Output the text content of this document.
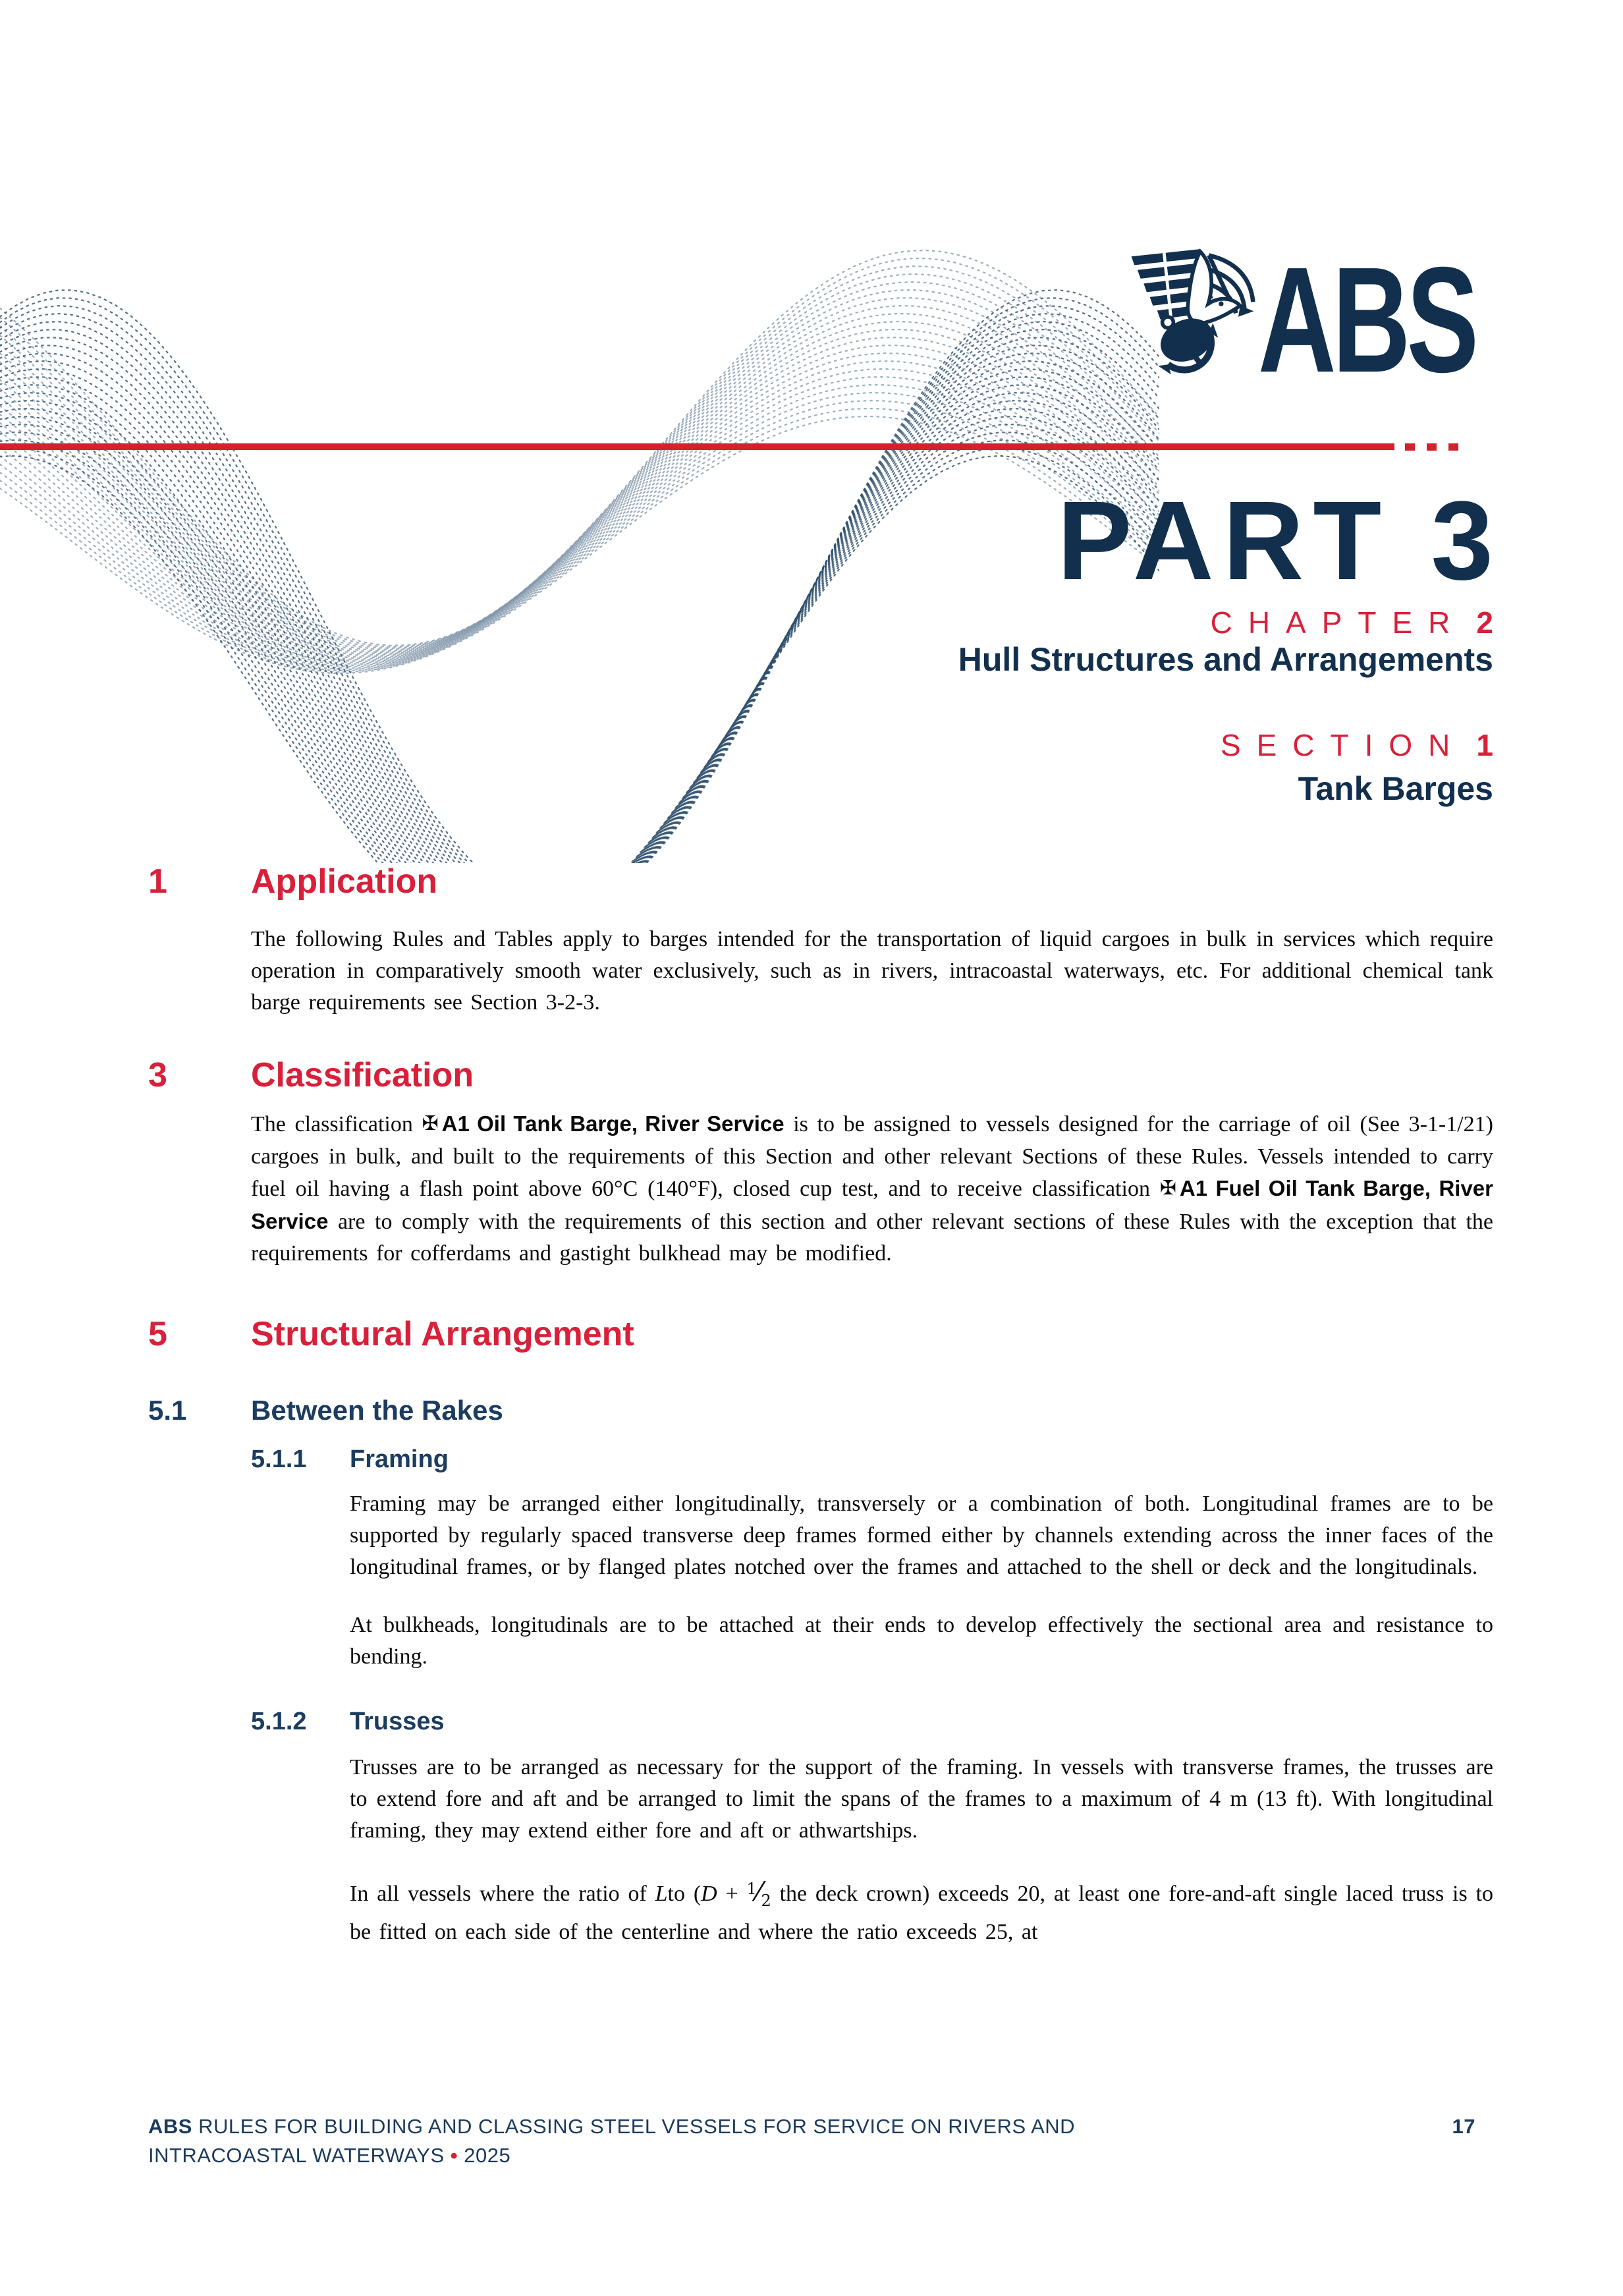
ABS
PART 3
CHAPTER 2
Hull Structures and Arrangements
SECTION 1
Tank Barges
1	Application

The following Rules and Tables apply to barges intended for the transportation of liquid cargoes in bulk in services which require operation in comparatively smooth water exclusively, such as in rivers, intracoastal waterways, etc. For additional chemical tank barge requirements see Section 3-2-3.

3	Classification

The classification ✠ A1 Oil Tank Barge, River Service is to be assigned to vessels designed for the carriage of oil (See 3-1-1/21) cargoes in bulk, and built to the requirements of this Section and other relevant Sections of these Rules. Vessels intended to carry fuel oil having a flash point above 60°C (140°F), closed cup test, and to receive classification ✠ A1 Fuel Oil Tank Barge, River Service are to comply with the requirements of this section and other relevant sections of these Rules with the exception that the requirements for cofferdams and gastight bulkhead may be modified.

5	Structural Arrangement
5.1	Between the Rakes
5.1.1	Framing

Framing may be arranged either longitudinally, transversely or a combination of both. Longitudinal frames are to be supported by regularly spaced transverse deep frames formed either by channels extending across the inner faces of the longitudinal frames, or by flanged plates notched over the frames and attached to the shell or deck and the longitudinals.

At bulkheads, longitudinals are to be attached at their ends to develop effectively the sectional area and resistance to bending.

5.1.2	Trusses

Trusses are to be arranged as necessary for the support of the framing. In vessels with transverse frames, the trusses are to extend fore and aft and be arranged to limit the spans of the frames to a maximum of 4 m (13 ft). With longitudinal framing, they may extend either fore and aft or athwartships.

In all vessels where the ratio of Lto ($D + ^1⁄_2$ the deck crown) exceeds 20, at least one fore-and-aft single laced truss is to be fitted on each side of the centerline and where the ratio exceeds 25, at

ABS RULES FOR BUILDING AND CLASSING STEEL VESSELS FOR SERVICE ON RIVERS AND
INTRACOASTAL WATERWAYS • 2025
17
